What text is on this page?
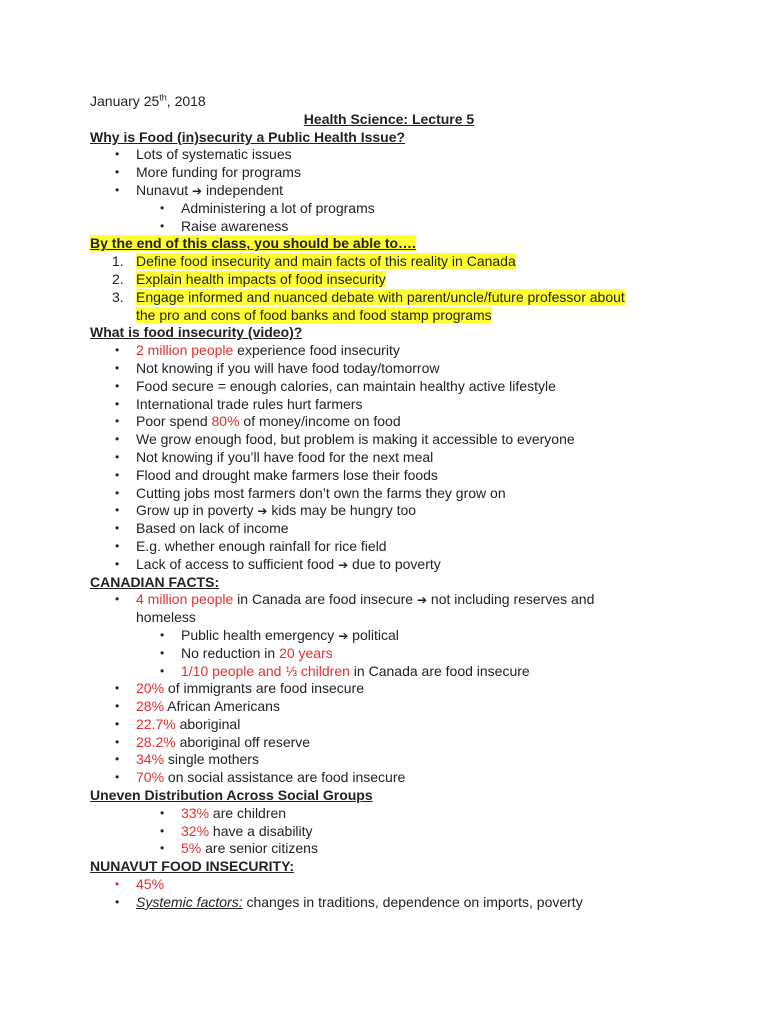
January 25th, 2018
Health Science: Lecture 5
Why is Food (in)security a Public Health Issue?
• Lots of systematic issues
• More funding for programs
• Nunavut ➔ independent
• Administering a lot of programs
• Raise awareness
By the end of this class, you should be able to….
1. Define food insecurity and main facts of this reality in Canada
2. Explain health impacts of food insecurity
3. Engage informed and nuanced debate with parent/uncle/future professor about
the pro and cons of food banks and food stamp programs
What is food insecurity (video)?
• 2 million people experience food insecurity
• Not knowing if you will have food today/tomorrow
• Food secure = enough calories, can maintain healthy active lifestyle
• International trade rules hurt farmers
• Poor spend 80% of money/income on food
• We grow enough food, but problem is making it accessible to everyone
• Not knowing if you’ll have food for the next meal
• Flood and drought make farmers lose their foods
• Cutting jobs most farmers don’t own the farms they grow on
• Grow up in poverty ➔ kids may be hungry too
• Based on lack of income
• E.g. whether enough rainfall for rice field
• Lack of access to sufficient food ➔ due to poverty
CANADIAN FACTS:
• 4 million people in Canada are food insecure ➔ not including reserves and
homeless
• Public health emergency ➔ political
• No reduction in 20 years
• 1/10 people and ⅓ children in Canada are food insecure
• 20% of immigrants are food insecure
• 28% African Americans
• 22.7% aboriginal
• 28.2% aboriginal off reserve
• 34% single mothers
• 70% on social assistance are food insecure
Uneven Distribution Across Social Groups
• 33% are children
• 32% have a disability
• 5% are senior citizens
NUNAVUT FOOD INSECURITY:
• 45%
• Systemic factors: changes in traditions, dependence on imports, poverty
